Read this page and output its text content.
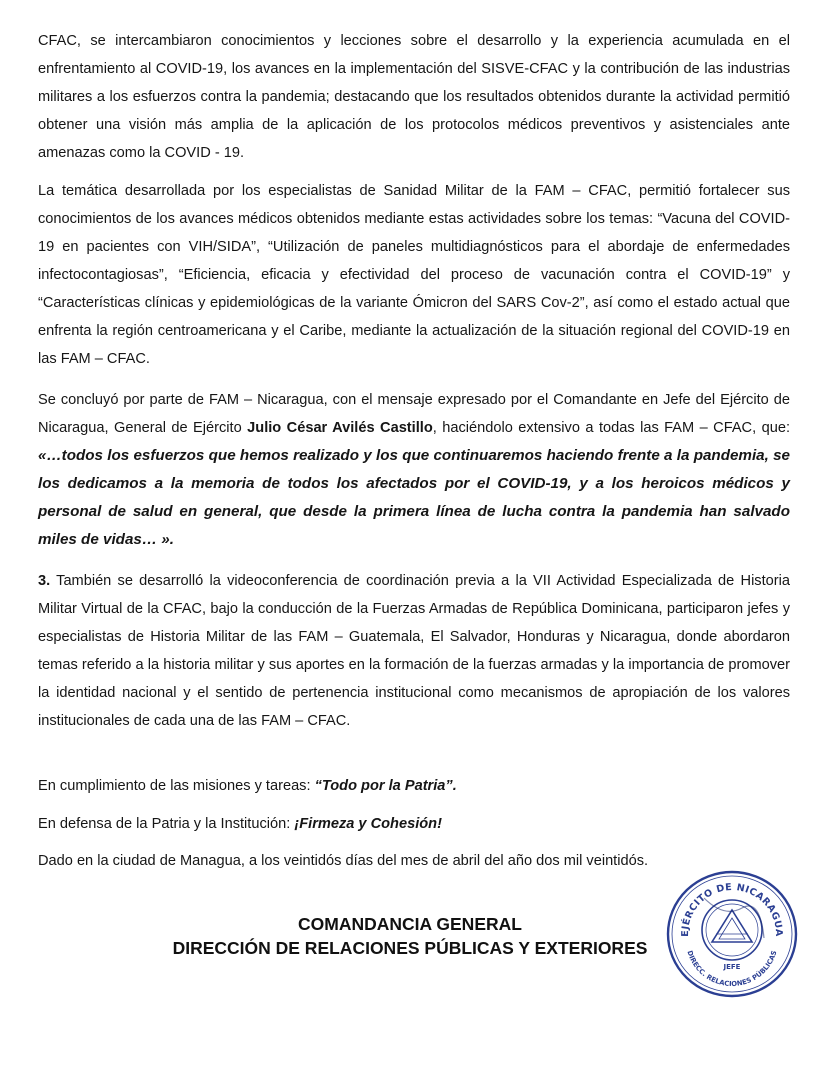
CFAC, se intercambiaron conocimientos y lecciones sobre el desarrollo y la experiencia acumulada en el enfrentamiento al COVID-19, los avances en la implementación del SISVE-CFAC y la contribución de las industrias militares a los esfuerzos contra la pandemia; destacando que los resultados obtenidos durante la actividad permitió obtener una visión más amplia de la aplicación de los protocolos médicos preventivos y asistenciales ante amenazas como la COVID - 19.

La temática desarrollada por los especialistas de Sanidad Militar de la FAM – CFAC, permitió fortalecer sus conocimientos de los avances médicos obtenidos mediante estas actividades sobre los temas: “Vacuna del COVID-19 en pacientes con VIH/SIDA”, “Utilización de paneles multidiagnósticos para el abordaje de enfermedades infectocontagiosas”, “Eficiencia, eficacia y efectividad del proceso de vacunación contra el COVID-19” y “Características clínicas y epidemiológicas de la variante Ómicron del SARS Cov-2”, así como el estado actual que enfrenta la región centroamericana y el Caribe, mediante la actualización de la situación regional del COVID-19 en las FAM – CFAC.

Se concluyó por parte de FAM – Nicaragua, con el mensaje expresado por el Comandante en Jefe del Ejército de Nicaragua, General de Ejército Julio César Avilés Castillo, haciéndolo extensivo a todas las FAM – CFAC, que: «…todos los esfuerzos que hemos realizado y los que continuaremos haciendo frente a la pandemia, se los dedicamos a la memoria de todos los afectados por el COVID-19, y a los heroicos médicos y personal de salud en general, que desde la primera línea de lucha contra la pandemia han salvado miles de vidas… ».

3. También se desarrolló la videoconferencia de coordinación previa a la VII Actividad Especializada de Historia Militar Virtual de la CFAC, bajo la conducción de la Fuerzas Armadas de República Dominicana, participaron jefes y especialistas de Historia Militar de las FAM – Guatemala, El Salvador, Honduras y Nicaragua, donde abordaron temas referido a la historia militar y sus aportes en la formación de la fuerzas armadas y la importancia de promover la identidad nacional y el sentido de pertenencia institucional como mecanismos de apropiación de los valores institucionales de cada una de las FAM – CFAC.

En cumplimiento de las misiones y tareas: “Todo por la Patria”.

En defensa de la Patria y la Institución: ¡Firmeza y Cohesión!

Dado en la ciudad de Managua, a los veintidós días del mes de abril del año dos mil veintidós.

COMANDANCIA GENERAL
DIRECCIÓN DE RELACIONES PÚBLICAS Y EXTERIORES
EJÉRCITO DE NICARAGUA
DIRECC. RELACIONES PÚBLICAS
JEFE
